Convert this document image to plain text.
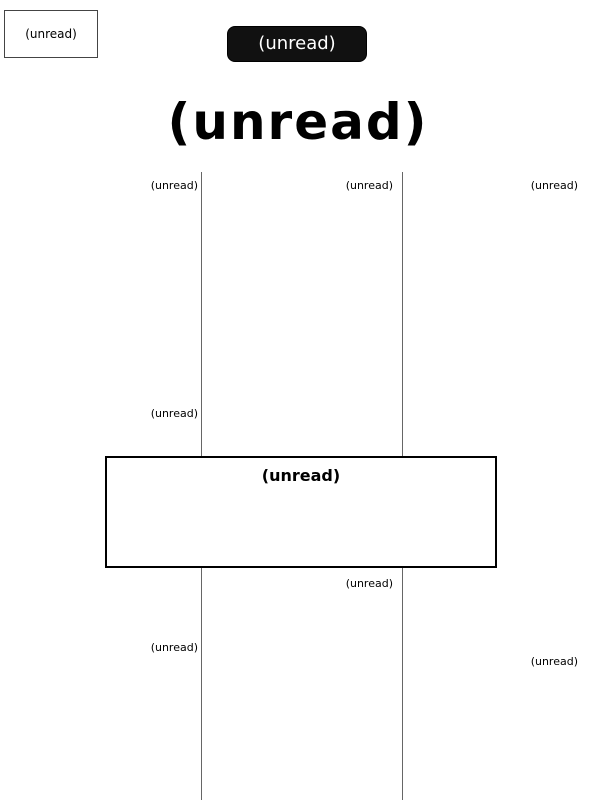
(unread)	(unread)
(unread)
(unread)
(unread)
(unread)
(unread)
(unread)
(unread)
(unread)
(unread)
